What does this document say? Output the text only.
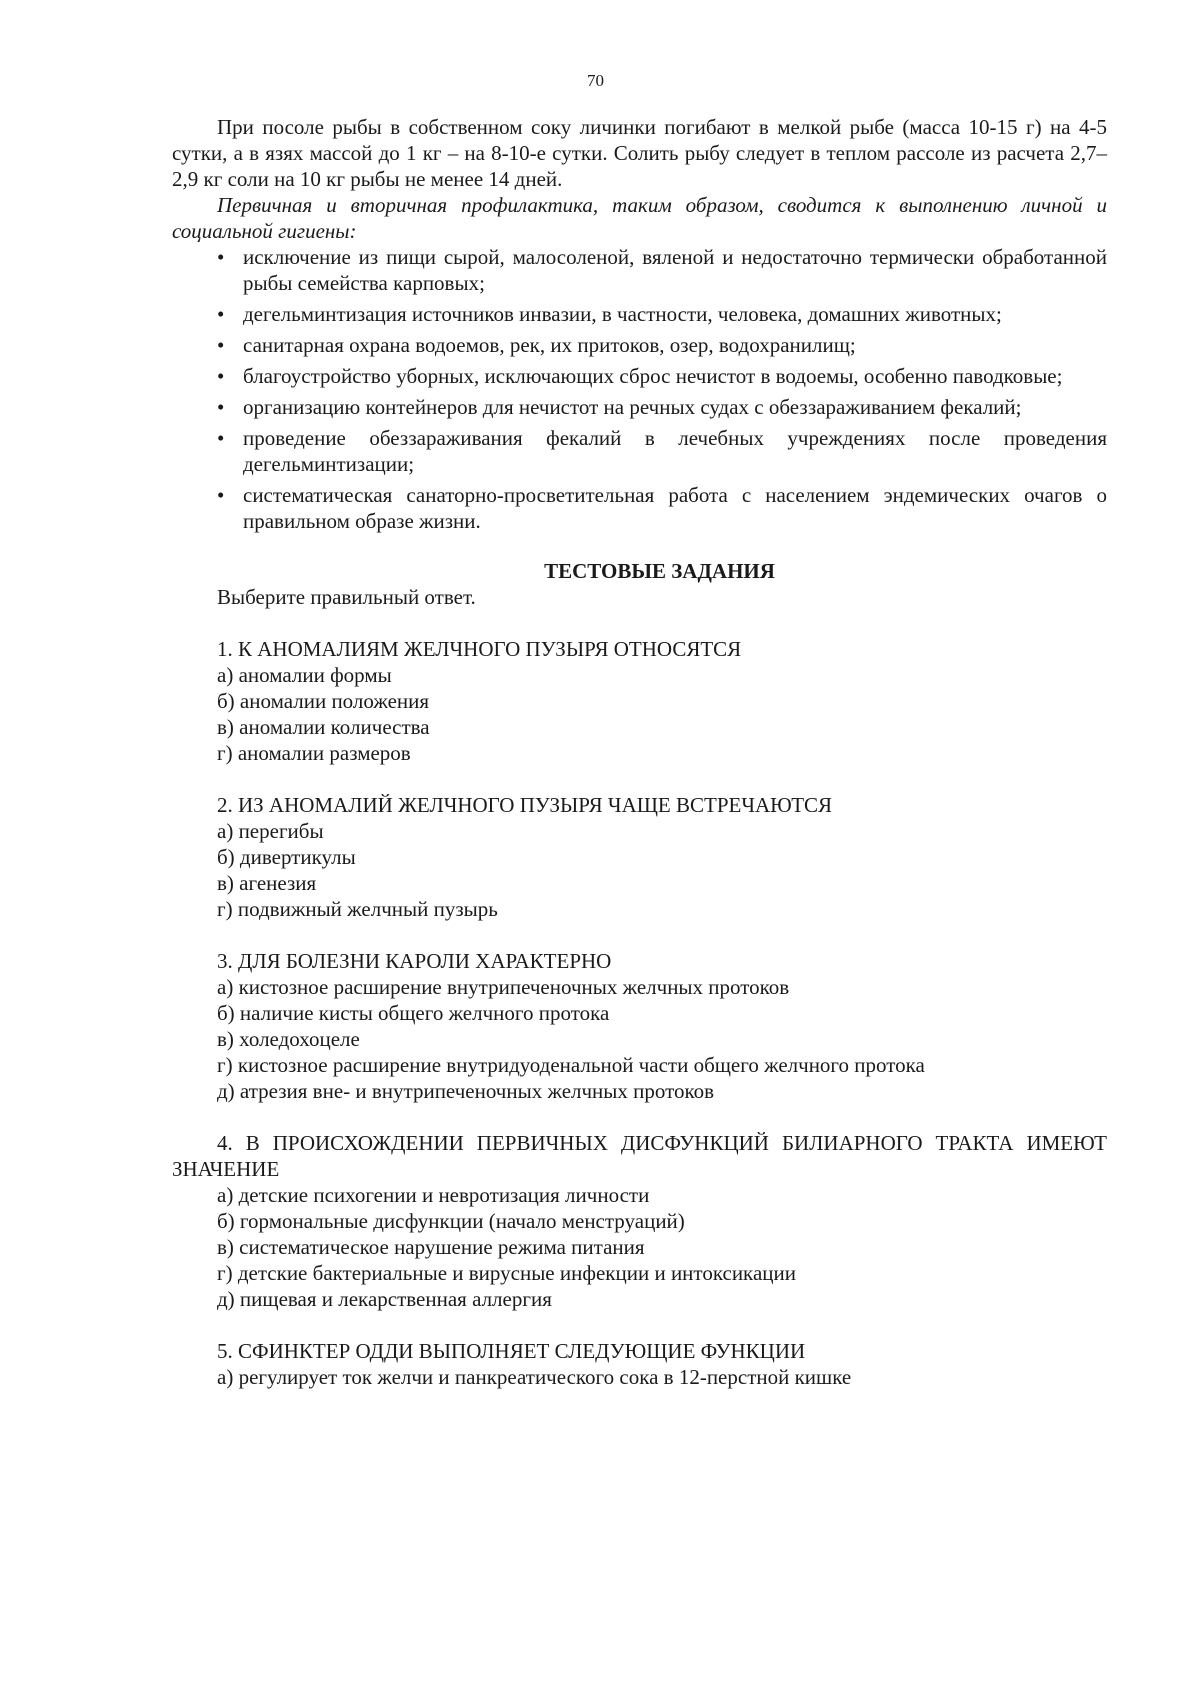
70

При посоле рыбы в собственном соку личинки погибают в мелкой рыбе (масса 10-15 г) на 4-5 сутки, а в язях массой до 1 кг – на 8-10-е сутки. Солить рыбу следует в теплом рассоле из расчета 2,7–2,9 кг соли на 10 кг рыбы не менее 14 дней.

Первичная и вторичная профилактика, таким образом, сводится к выполнению личной и социальной гигиены:

• исключение из пищи сырой, малосоленой, вяленой и недостаточно термически обработанной рыбы семейства карповых;
• дегельминтизация источников инвазии, в частности, человека, домашних животных;
• санитарная охрана водоемов, рек, их притоков, озер, водохранилищ;
• благоустройство уборных, исключающих сброс нечистот в водоемы, особенно паводковые;
• организацию контейнеров для нечистот на речных судах с обеззараживанием фекалий;
• проведение обеззараживания фекалий в лечебных учреждениях после проведения дегельминтизации;
• систематическая санаторно-просветительная работа с населением эндемических очагов о правильном образе жизни.
ТЕСТОВЫЕ ЗАДАНИЯ
Выберите правильный ответ.
1. К АНОМАЛИЯМ ЖЕЛЧНОГО ПУЗЫРЯ ОТНОСЯТСЯ
а) аномалии формы
б) аномалии положения
в) аномалии количества
г) аномалии размеров
2. ИЗ АНОМАЛИЙ ЖЕЛЧНОГО ПУЗЫРЯ ЧАЩЕ ВСТРЕЧАЮТСЯ
а) перегибы
б) дивертикулы
в) агенезия
г) подвижный желчный пузырь
3. ДЛЯ БОЛЕЗНИ КАРОЛИ ХАРАКТЕРНО
а) кистозное расширение внутрипеченочных желчных протоков
б) наличие кисты общего желчного протока
в) холедохоцеле
г) кистозное расширение внутридуоденальной части общего желчного протока
д) атрезия вне- и внутрипеченочных желчных протоков
4. В ПРОИСХОЖДЕНИИ ПЕРВИЧНЫХ ДИСФУНКЦИЙ БИЛИАРНОГО ТРАКТА ИМЕЮТ ЗНАЧЕНИЕ
а) детские психогении и невротизация личности
б) гормональные дисфункции (начало менструаций)
в) систематическое нарушение режима питания
г) детские бактериальные и вирусные инфекции и интоксикации
д) пищевая и лекарственная аллергия
5. СФИНКТЕР ОДДИ ВЫПОЛНЯЕТ СЛЕДУЮЩИЕ ФУНКЦИИ
а) регулирует ток желчи и панкреатического сока в 12-перстной кишке
